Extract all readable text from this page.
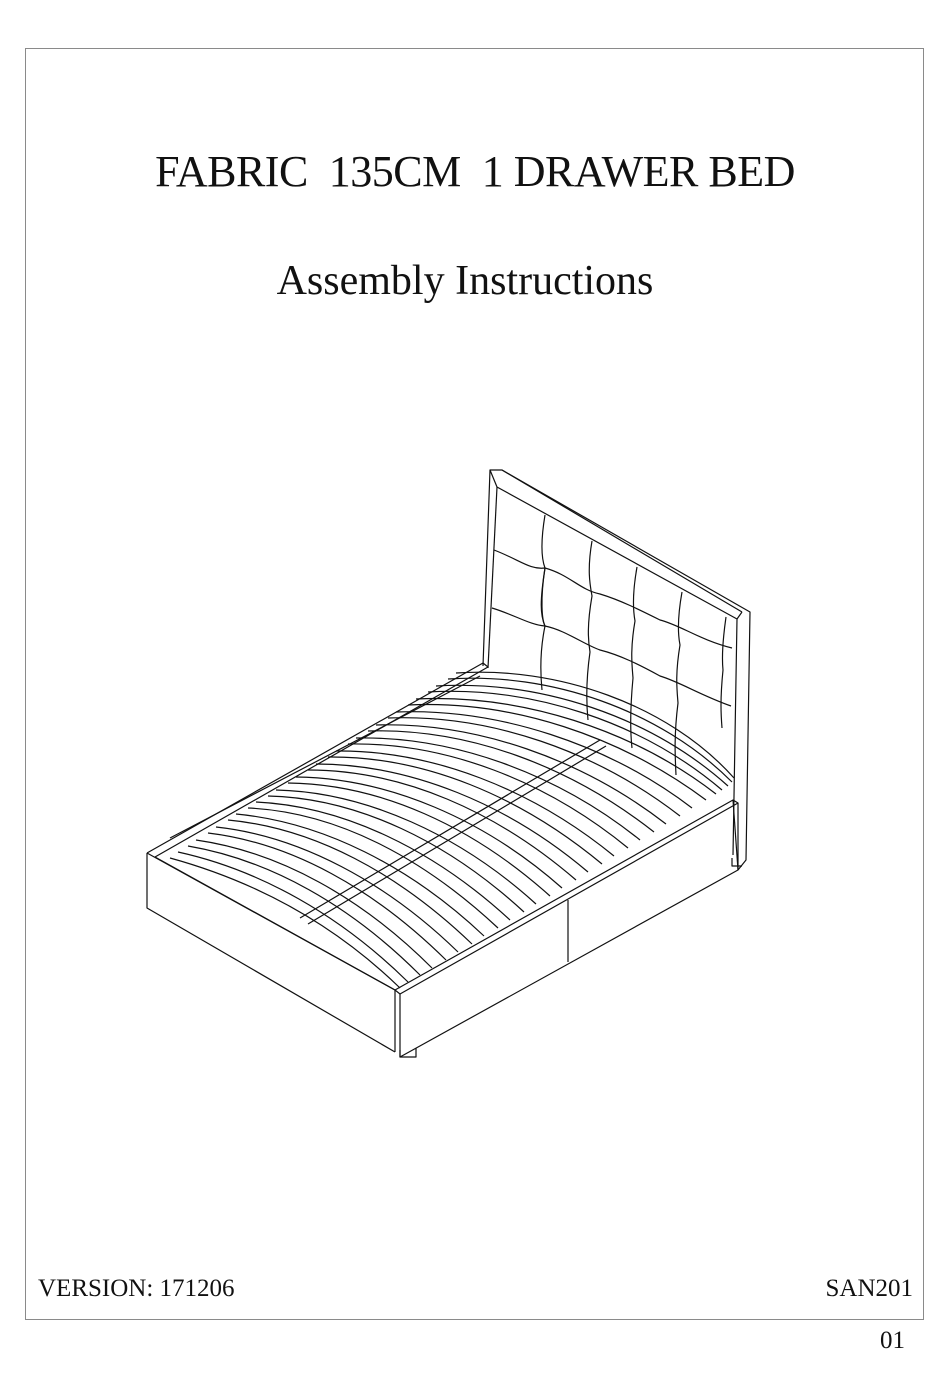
FABRIC  135CM  1 DRAWER BED
Assembly Instructions
VERSION: 171206	SAN201
01
